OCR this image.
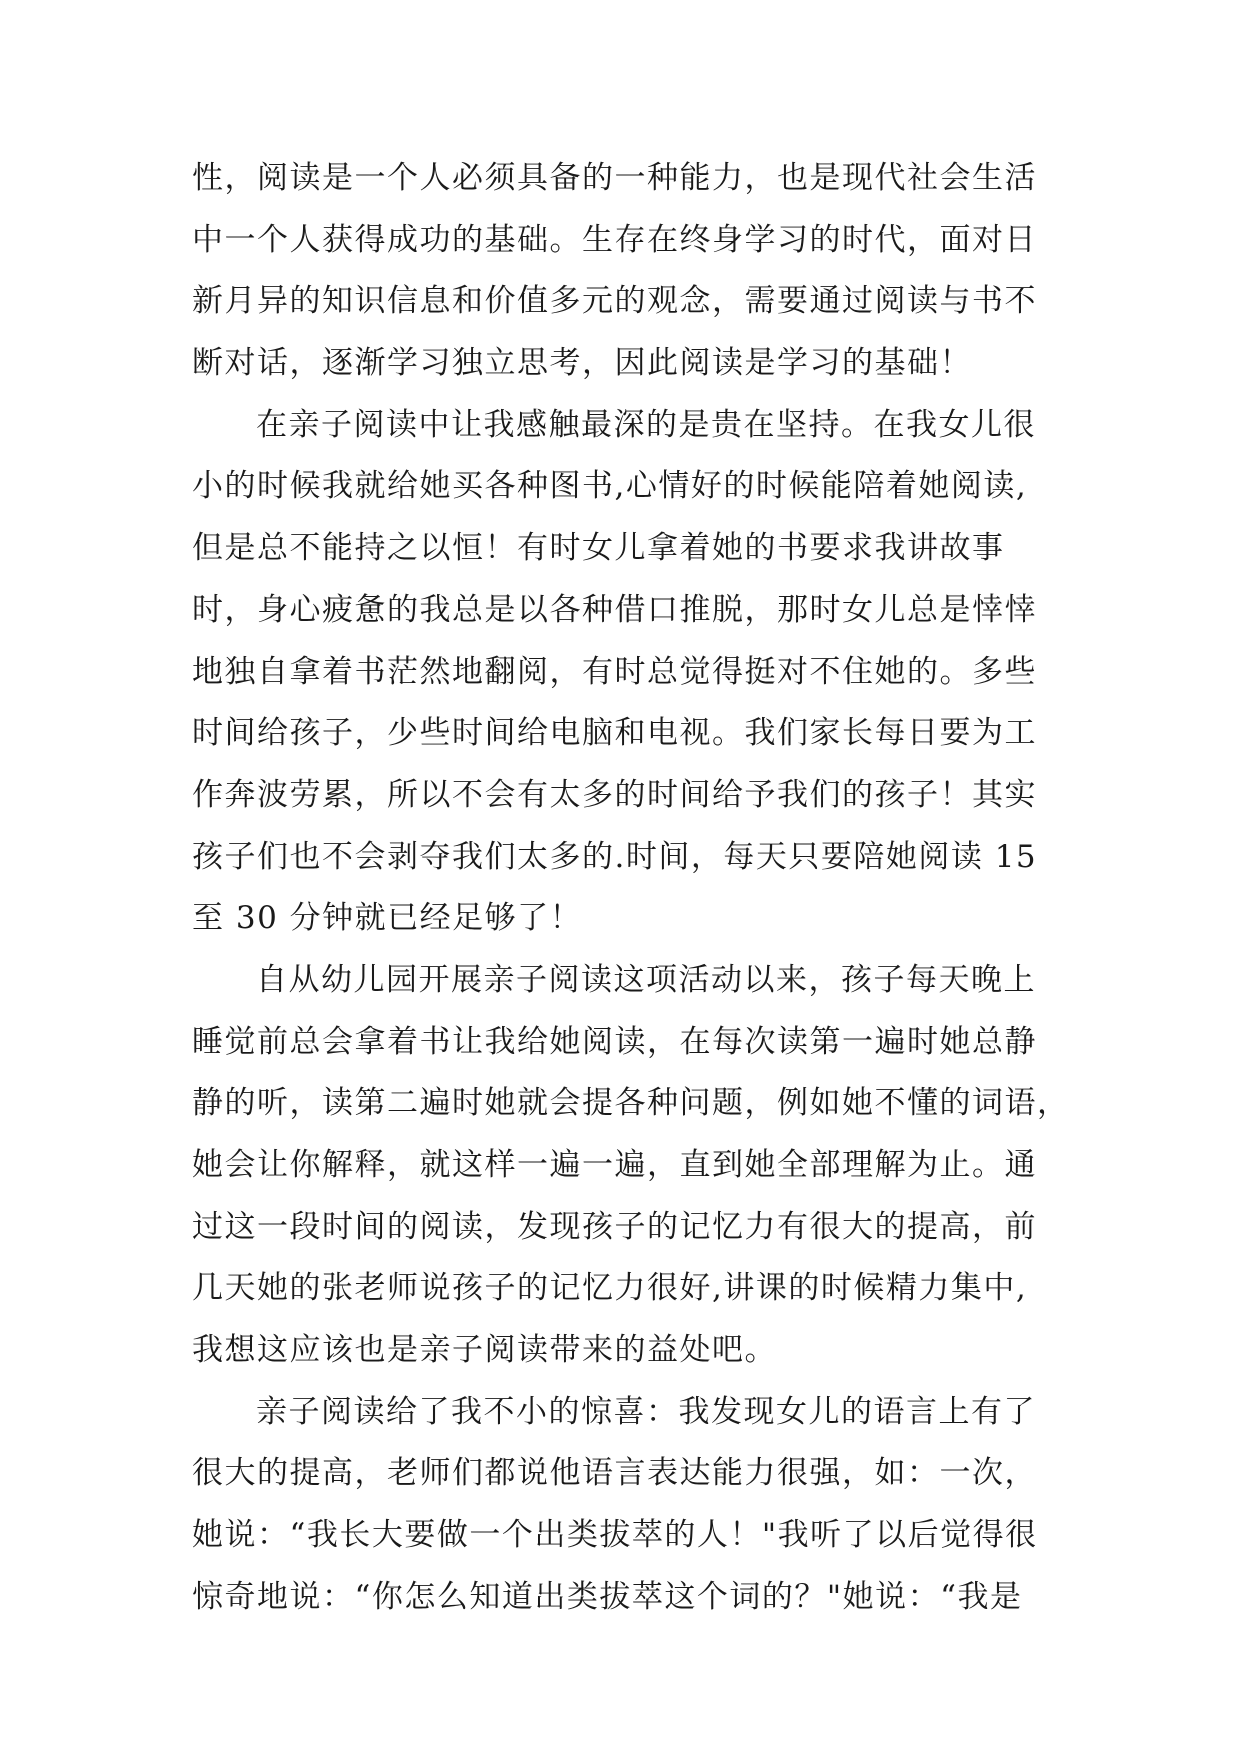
性，阅读是一个人必须具备的一种能力，也是现代社会生活
中一个人获得成功的基础。生存在终身学习的时代，面对日
新月异的知识信息和价值多元的观念，需要通过阅读与书不
断对话，逐渐学习独立思考，因此阅读是学习的基础！
在亲子阅读中让我感触最深的是贵在坚持。在我女儿很
小的时候我就给她买各种图书,心情好的时候能陪着她阅读,
但是总不能持之以恒！有时女儿拿着她的书要求我讲故事
时，身心疲惫的我总是以各种借口推脱，那时女儿总是悻悻
地独自拿着书茫然地翻阅，有时总觉得挺对不住她的。多些
时间给孩子，少些时间给电脑和电视。我们家长每日要为工
作奔波劳累，所以不会有太多的时间给予我们的孩子！其实
孩子们也不会剥夺我们太多的.时间，每天只要陪她阅读 15
至 30 分钟就已经足够了！
自从幼儿园开展亲子阅读这项活动以来，孩子每天晚上
睡觉前总会拿着书让我给她阅读，在每次读第一遍时她总静
静的听，读第二遍时她就会提各种问题，例如她不懂的词语，
她会让你解释，就这样一遍一遍，直到她全部理解为止。通
过这一段时间的阅读，发现孩子的记忆力有很大的提高，前
几天她的张老师说孩子的记忆力很好,讲课的时候精力集中,
我想这应该也是亲子阅读带来的益处吧。
亲子阅读给了我不小的惊喜：我发现女儿的语言上有了
很大的提高，老师们都说他语言表达能力很强，如：一次，
她说：“我长大要做一个出类拔萃的人！"我听了以后觉得很
惊奇地说：“你怎么知道出类拔萃这个词的？"她说：“我是
